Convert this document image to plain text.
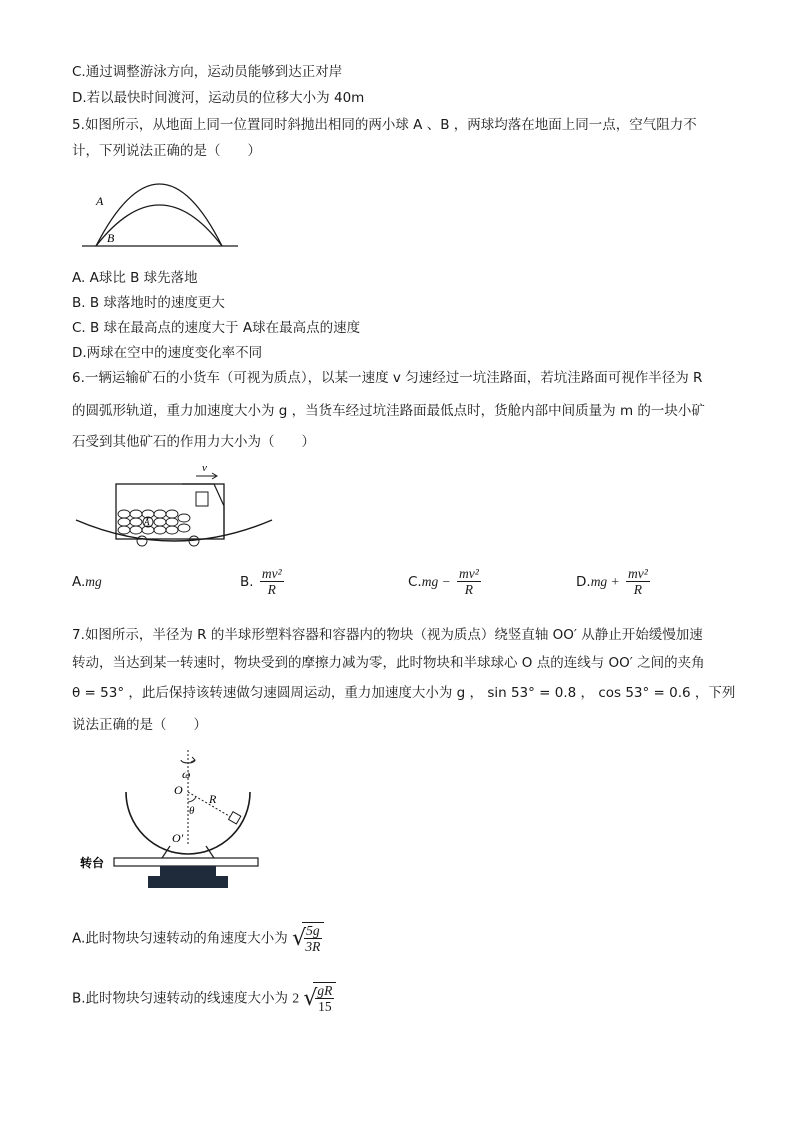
C.通过调整游泳方向，运动员能够到达正对岸
D.若以最快时间渡河，运动员的位移大小为 40m
5.如图所示，从地面上同一位置同时斜抛出相同的两小球 A 、B ，两球均落在地面上同一点，空气阻力不
计，下列说法正确的是（　　）
A
B
A. A球比 B 球先落地
B. B 球落地时的速度更大
C. B 球在最高点的速度大于 A球在最高点的速度
D.两球在空中的速度变化率不同
6.一辆运输矿石的小货车（可视为质点），以某一速度 v 匀速经过一坑洼路面，若坑洼路面可视作半径为 R
的圆弧形轨道，重力加速度大小为 g ，当货车经过坑洼路面最低点时，货舱内部中间质量为 m 的一块小矿
石受到其他矿石的作用力大小为（　　）
v
A
A.mg	B. $\frac{\text{mv²}}{R}$	$C.mg - \frac{\text{mv²}}{R}$	$D.mg + \frac{\text{mv²}}{R}$
7.如图所示，半径为 R 的半球形塑料容器和容器内的物块（视为质点）绕竖直轴 OO′ 从静止开始缓慢加速
转动，当达到某一转速时，物块受到的摩擦力减为零，此时物块和半球球心 O 点的连线与 OO′ 之间的夹角
θ = 53° ，此后保持该转速做匀速圆周运动，重力加速度大小为 g ， sin 53° = 0.8 ， cos 53° = 0.6 ，下列
说法正确的是（　　）
ω
O
R
θ
O′
转台
A.此时物块匀速转动的角速度大小为 √
$\frac{5g}{3R}$
B.此时物块匀速转动的线速度大小为 2 √
$\frac{gR}{15}$
